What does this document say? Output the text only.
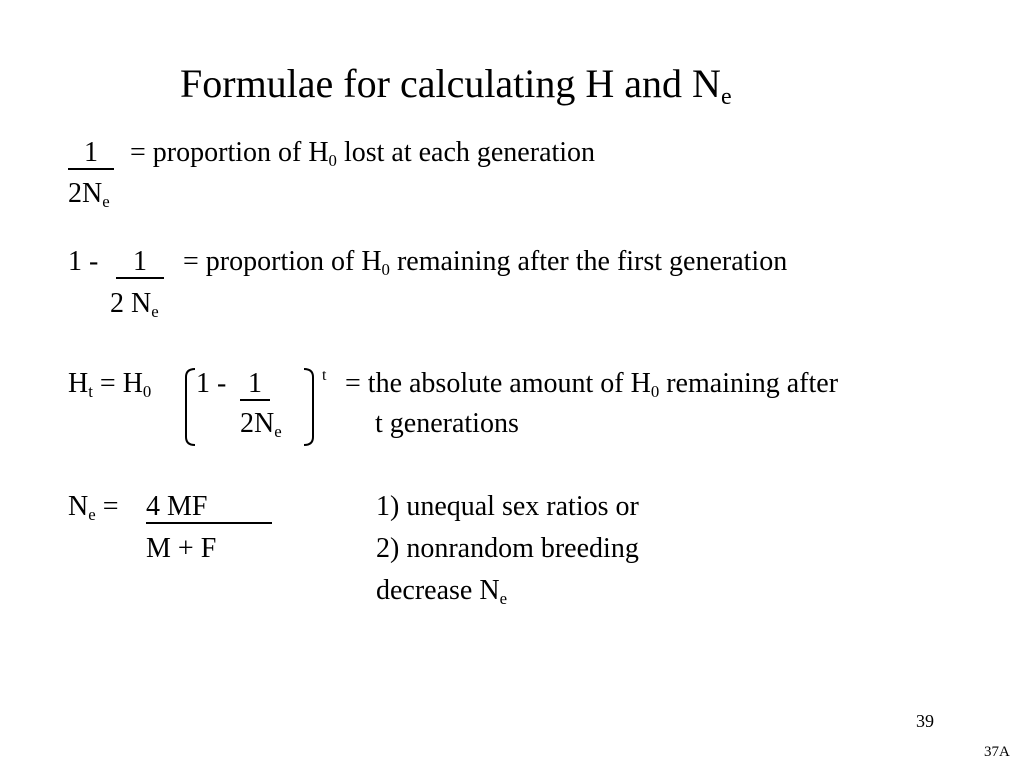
Formulae for calculating H and $N_e$
1
$2N_e$
= proportion of $H_0$ lost at each generation
1 -	1
2 $N_e$
= proportion of $H_0$ remaining after the first generation
$H_t = H_0$ 1 - 1
$2N_e$
t = the absolute amount of $H_0$ remaining after
t generations
$N_e = 4$ MF
M + F
1) unequal sex ratios or
2) nonrandom breeding
decrease $N_e$
39
37A
